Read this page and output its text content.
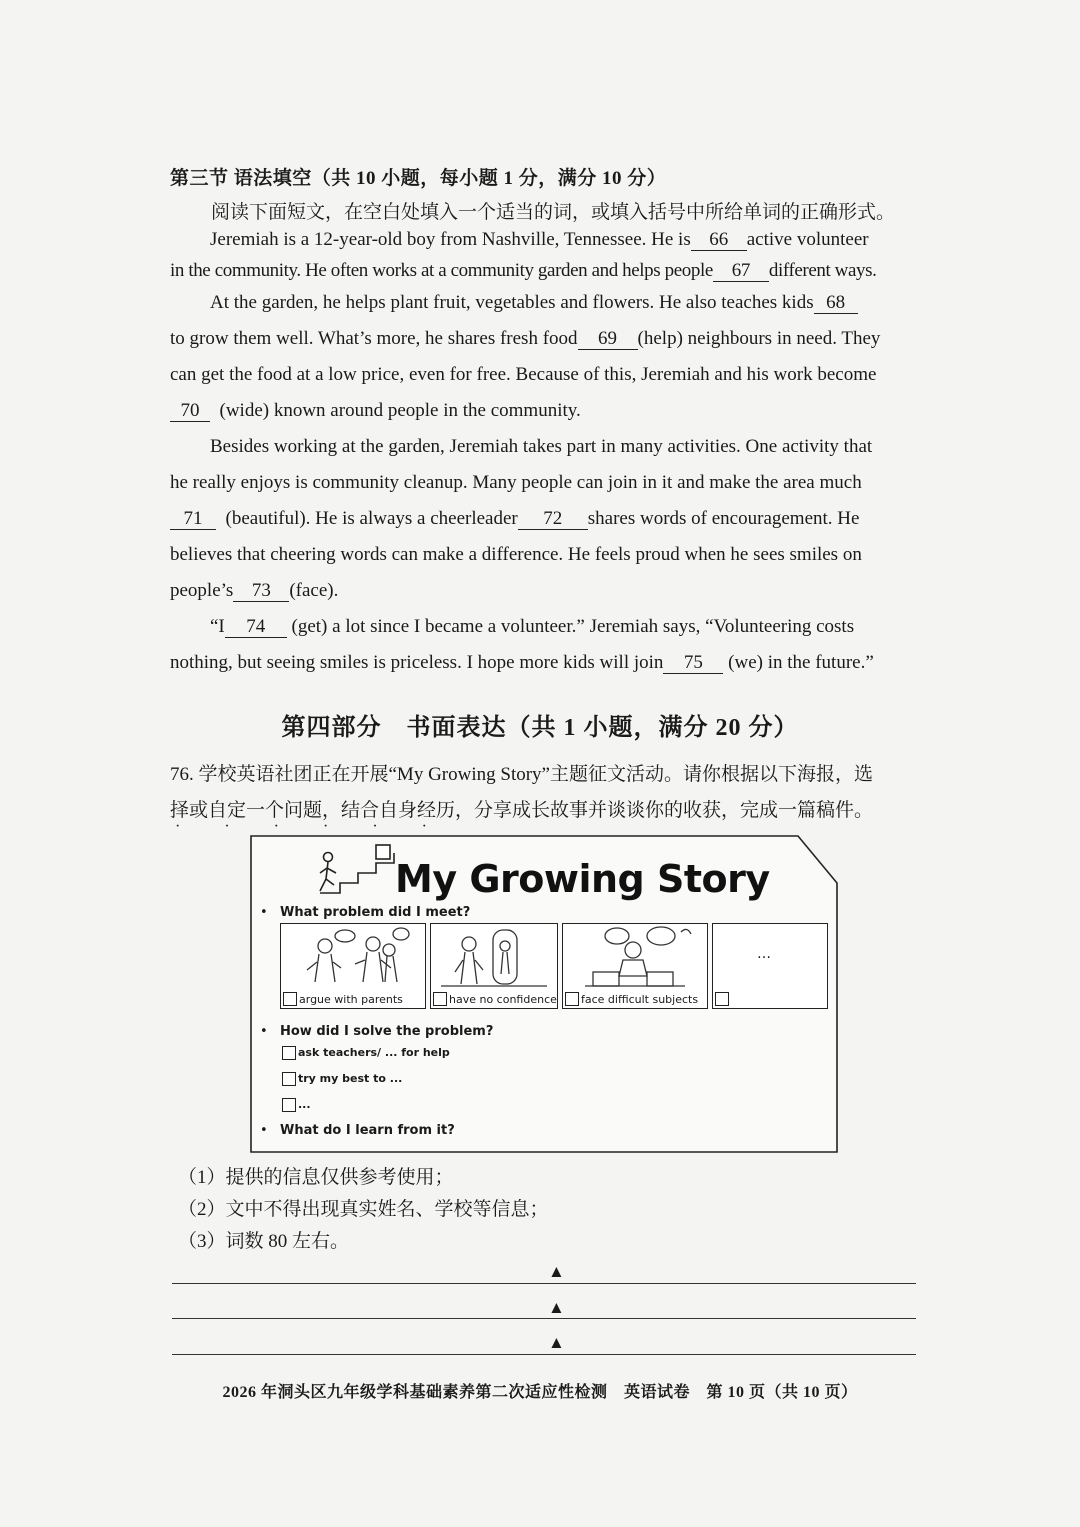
第三节 语法填空（共 10 小题，每小题 1 分，满分 10 分）
阅读下面短文，在空白处填入一个适当的词，或填入括号中所给单词的正确形式。
Jeremiah is a 12-year-old boy from Nashville, Tennessee. He is 66 active volunteer
in the community. He often works at a community garden and helps people 67 different ways.
At the garden, he helps plant fruit, vegetables and flowers. He also teaches kids 68
to grow them well. What’s more, he shares fresh food 69 (help) neighbours in need. They
can get the food at a low price, even for free. Because of this, Jeremiah and his work become
70 (wide) known around people in the community.
Besides working at the garden, Jeremiah takes part in many activities. One activity that
he really enjoys is community cleanup. Many people can join in it and make the area much
71 (beautiful). He is always a cheerleader 72 shares words of encouragement. He
believes that cheering words can make a difference. He feels proud when he sees smiles on
people’s 73 (face).
“I 74 (get) a lot since I became a volunteer.” Jeremiah says, “Volunteering costs
nothing, but seeing smiles is priceless. I hope more kids will join 75 (we) in the future.”
第四部分　书面表达（共 1 小题，满分 20 分）
76. 学校英语社团正在开展“My Growing Story”主题征文活动。请你根据以下海报，选
择或自定一个问题，结合自身经历，分享成长故事并谈谈你的收获，完成一篇稿件。
· · · · · ·
My Growing Story
• What problem did I meet?
argue with parents	have no confidence face difficult subjects
…
• How did I solve the problem?
ask teachers/ ... for help
try my best to ...
...
• What do I learn from it?
（1）提供的信息仅供参考使用；
（2）文中不得出现真实姓名、学校等信息；
（3）词数 80 左右。
▲
▲
▲
2026 年洞头区九年级学科基础素养第二次适应性检测　英语试卷　第 10 页（共 10 页）
